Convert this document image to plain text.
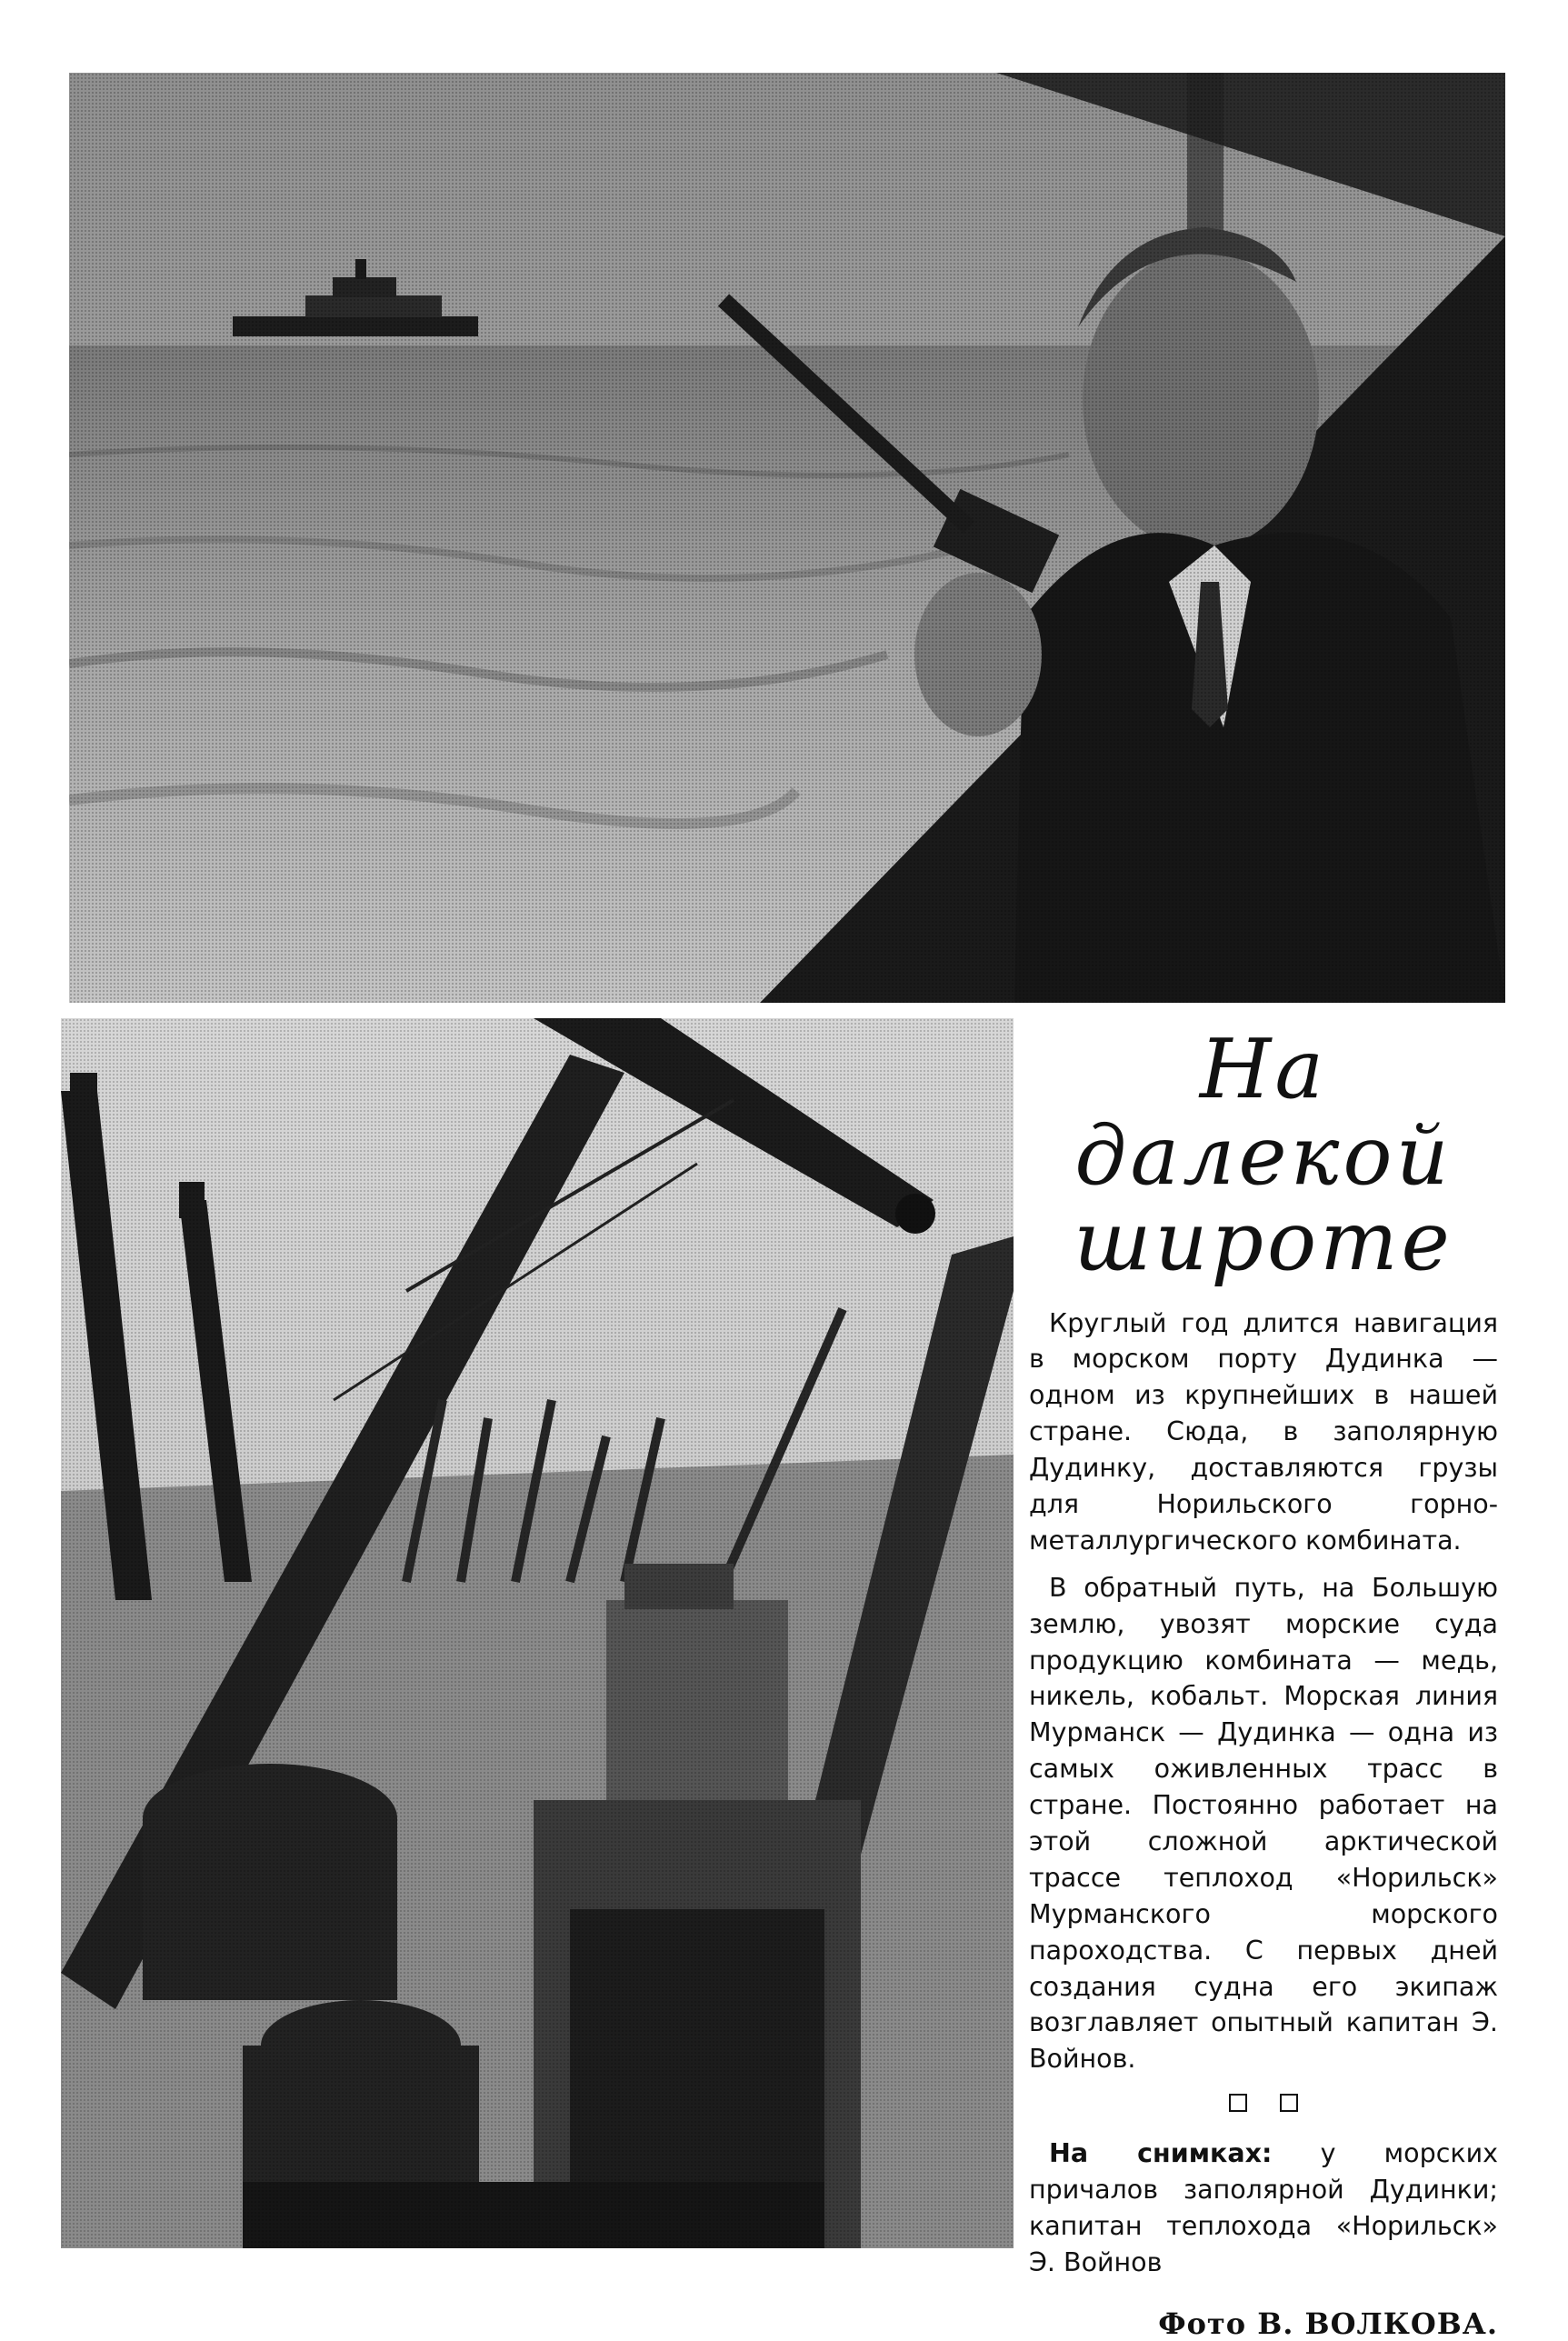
На далекой
широте

Круглый год длится навигация в морском порту Дудинка — одном из крупнейших в нашей стране. Сюда, в заполярную Дудинку, доставляются грузы для Норильского горно-металлургического комбината.

В обратный путь, на Большую землю, увозят морские суда продукцию комбината — медь, никель, кобальт. Морская линия Мурманск — Дудинка — одна из самых оживленных трасс в стране. Постоянно работает на этой сложной арктической трассе теплоход «Норильск» Мурманского морского пароходства. С первых дней создания судна его экипаж возглавляет опытный капитан Э. Войнов.

На снимках: у морских причалов заполярной Дудинки; капитан теплохода «Норильск» Э. Войнов

Фото В. ВОЛКОВА.
